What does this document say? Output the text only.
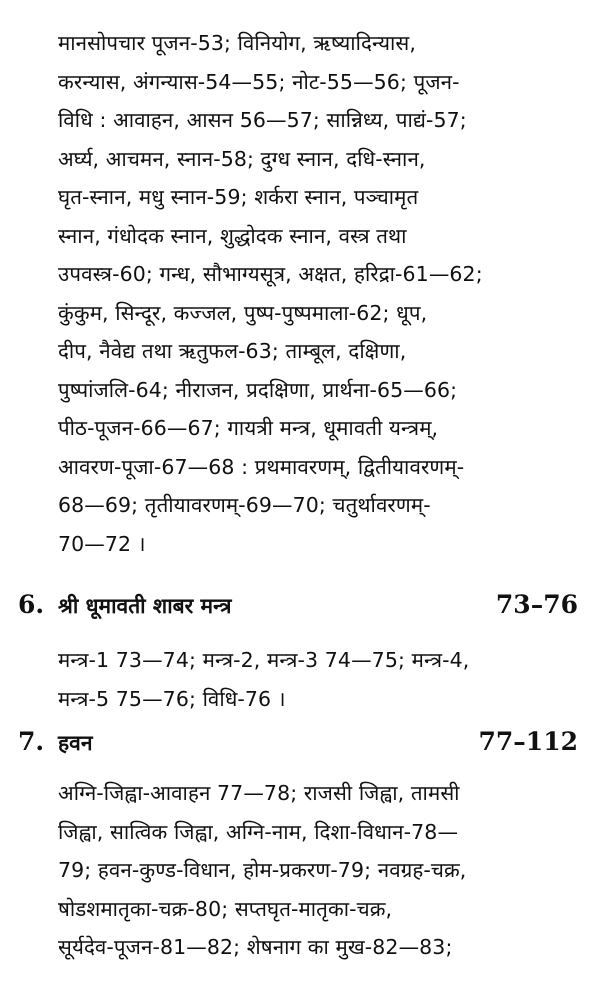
मानसोपचार पूजन-53; विनियोग, ऋष्यादिन्यास,
करन्यास, अंगन्यास-54—55; नोट-55—56; पूजन-
विधि : आवाहन, आसन 56—57; सान्निध्य, पाद्यं-57;
अर्घ्य, आचमन, स्नान-58; दुग्ध स्नान, दधि-स्नान,
घृत-स्नान, मधु स्नान-59; शर्करा स्नान, पञ्चामृत
स्नान, गंधोदक स्नान, शुद्धोदक स्नान, वस्त्र तथा
उपवस्त्र-60; गन्ध, सौभाग्यसूत्र, अक्षत, हरिद्रा-61—62;
कुंकुम, सिन्दूर, कज्जल, पुष्प-पुष्पमाला-62; धूप,
दीप, नैवेद्य तथा ऋतुफल-63; ताम्बूल, दक्षिणा,
पुष्पांजलि-64; नीराजन, प्रदक्षिणा, प्रार्थना-65—66;
पीठ-पूजन-66—67; गायत्री मन्त्र, धूमावती यन्त्रम्,
आवरण-पूजा-67—68 : प्रथमावरणम्, द्वितीयावरणम्-
68—69; तृतीयावरणम्-69—70; चतुर्थावरणम्-
70—72 ।
6. श्री धूमावती शाबर मन्त्र	73–76
मन्त्र-1 73—74; मन्त्र-2, मन्त्र-3 74—75; मन्त्र-4,
मन्त्र-5 75—76; विधि-76 ।
7. हवन	77–112
अग्नि-जिह्वा-आवाहन 77—78; राजसी जिह्वा, तामसी
जिह्वा, सात्विक जिह्वा, अग्नि-नाम, दिशा-विधान-78—
79; हवन-कुण्ड-विधान, होम-प्रकरण-79; नवग्रह-चक्र,
षोडशमातृका-चक्र-80; सप्तघृत-मातृका-चक्र,
सूर्यदेव-पूजन-81—82; शेषनाग का मुख-82—83;
